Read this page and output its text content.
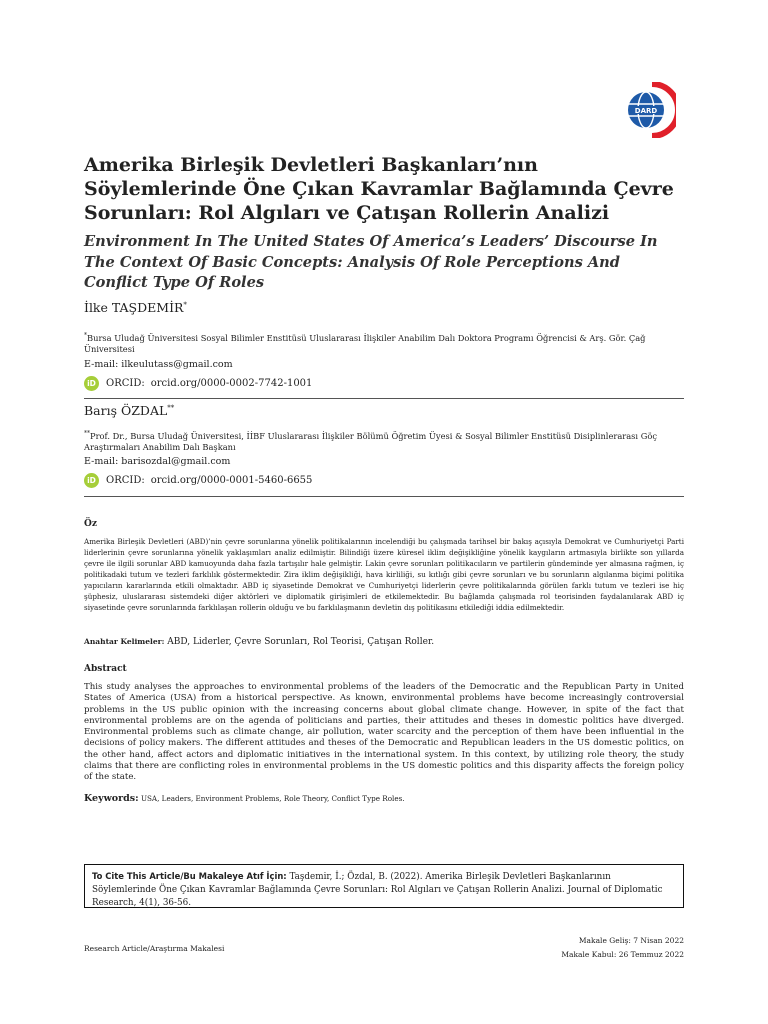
DARD
Amerika Birleşik Devletleri Başkanları’nın Söylemlerinde Öne Çıkan Kavramlar Bağlamında Çevre Sorunları: Rol Algıları ve Çatışan Rollerin Analizi
Environment In The United States Of America’s Leaders’ Discourse In The Context Of Basic Concepts: Analysis Of Role Perceptions And Conflict Type Of Roles
İlke TAŞDEMİR*
*Bursa Uludağ Üniversitesi Sosyal Bilimler Enstitüsü Uluslararası İlişkiler Anabilim Dalı Doktora Programı Öğrencisi & Arş. Gör. Çağ Üniversitesi
E-mail: ilkeulutass@gmail.com
iD	ORCID: orcid.org/0000-0002-7742-1001
Barış ÖZDAL**
**Prof. Dr., Bursa Uludağ Üniversitesi, İİBF Uluslararası İlişkiler Bölümü Öğretim Üyesi & Sosyal Bilimler Enstitüsü Disiplinlerarası Göç Araştırmaları Anabilim Dalı Başkanı
E-mail: barisozdal@gmail.com
iD	ORCID: orcid.org/0000-0001-5460-6655
Öz
Amerika Birleşik Devletleri (ABD)’nin çevre sorunlarına yönelik politikalarının incelendiği bu çalışmada tarihsel bir bakış açısıyla Demokrat ve Cumhuriyetçi Parti liderlerinin çevre sorunlarına yönelik yaklaşımları analiz edilmiştir. Bilindiği üzere küresel iklim değişikliğine yönelik kaygıların artmasıyla birlikte son yıllarda çevre ile ilgili sorunlar ABD kamuoyunda daha fazla tartışılır hale gelmiştir. Lakin çevre sorunları politikacıların ve partilerin gündeminde yer almasına rağmen, iç politikadaki tutum ve tezleri farklılık göstermektedir. Zira iklim değişikliği, hava kirliliği, su kıtlığı gibi çevre sorunları ve bu sorunların algılanma biçimi politika yapıcıların kararlarında etkili olmaktadır. ABD iç siyasetinde Demokrat ve Cumhuriyetçi liderlerin çevre politikalarında görülen farklı tutum ve tezleri ise hiç şüphesiz, uluslararası sistemdeki diğer aktörleri ve diplomatik girişimleri de etkilemektedir. Bu bağlamda çalışmada rol teorisinden faydalanılarak ABD iç siyasetinde çevre sorunlarında farklılaşan rollerin olduğu ve bu farklılaşmanın devletin dış politikasını etkilediği iddia edilmektedir.
Anahtar Kelimeler: ABD, Liderler, Çevre Sorunları, Rol Teorisi, Çatışan Roller.
Abstract
This study analyses the approaches to environmental problems of the leaders of the Democratic and the Republican Party in United States of America (USA) from a historical perspective. As known, environmental problems have become increasingly controversial problems in the US public opinion with the increasing concerns about global climate change. However, in spite of the fact that environmental problems are on the agenda of politicians and parties, their attitudes and theses in domestic politics have diverged. Environmental problems such as climate change, air pollution, water scarcity and the perception of them have been influential in the decisions of policy makers. The different attitudes and theses of the Democratic and Republican leaders in the US domestic politics, on the other hand, affect actors and diplomatic initiatives in the international system. In this context, by utilizing role theory, the study claims that there are conflicting roles in environmental problems in the US domestic politics and this disparity affects the foreign policy of the state.
Keywords: USA, Leaders, Environment Problems, Role Theory, Conflict Type Roles.
To Cite This Article/Bu Makaleye Atıf İçin: Taşdemir, İ.; Özdal, B. (2022). Amerika Birleşik Devletleri Başkanlarının Söylemlerinde Öne Çıkan Kavramlar Bağlamında Çevre Sorunları: Rol Algıları ve Çatışan Rollerin Analizi. Journal of Diplomatic Research, 4(1), 36-56.
Research Article/Araştırma Makalesi
Makale Geliş: 7 Nisan 2022
Makale Kabul: 26 Temmuz 2022
